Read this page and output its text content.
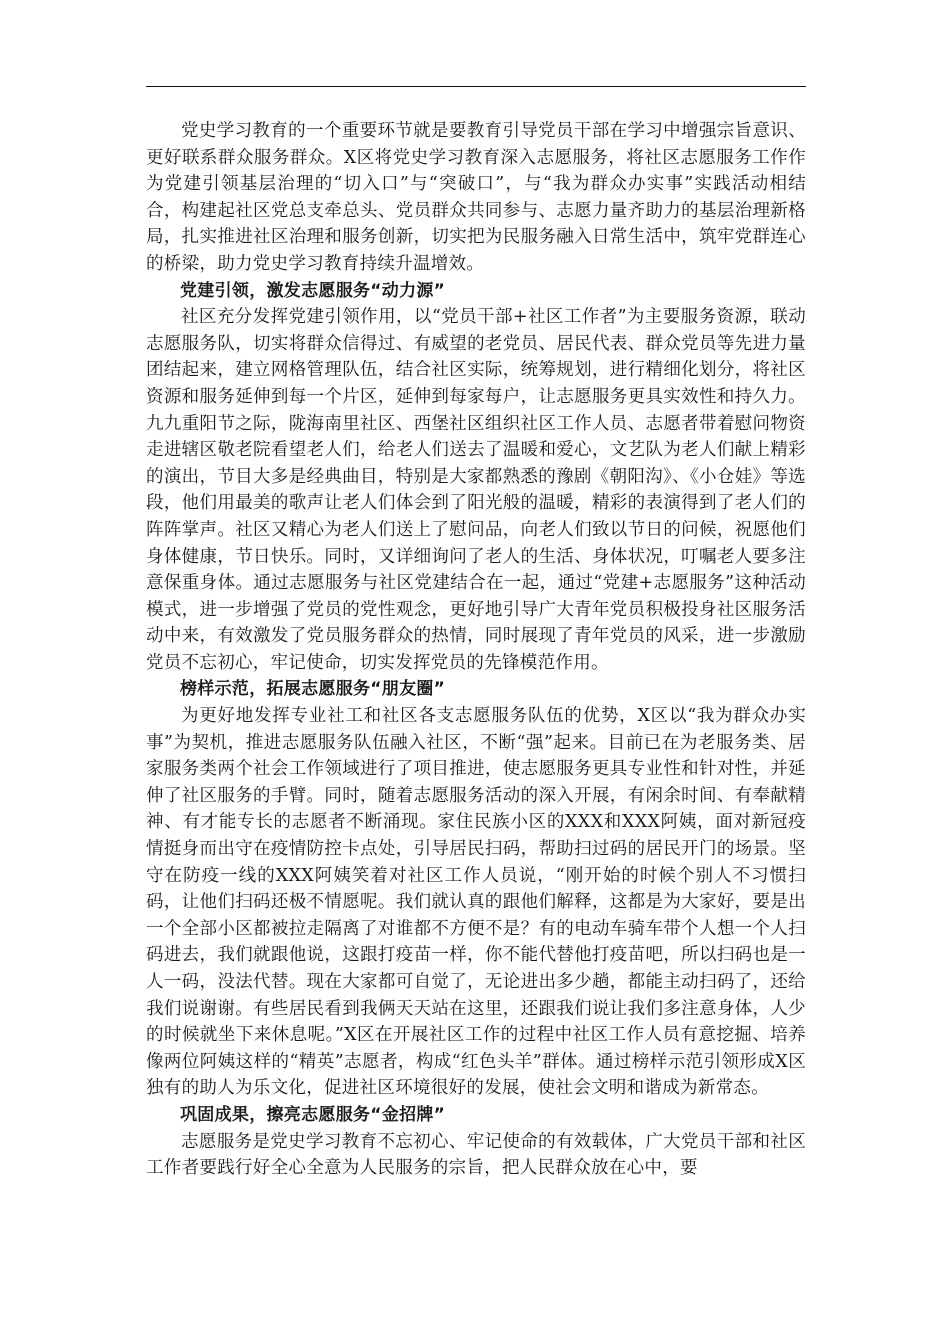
党史学习教育的一个重要环节就是要教育引导党员干部在学习中增强宗旨意识、更好联系群众服务群众。X区将党史学习教育深入志愿服务，将社区志愿服务工作作为党建引领基层治理的“切入口”与“突破口”，与“我为群众办实事”实践活动相结合，构建起社区党总支牵总头、党员群众共同参与、志愿力量齐助力的基层治理新格局，扎实推进社区治理和服务创新，切实把为民服务融入日常生活中，筑牢党群连心的桥梁，助力党史学习教育持续升温增效。

党建引领，激发志愿服务“动力源”

社区充分发挥党建引领作用，以“党员干部+社区工作者”为主要服务资源，联动志愿服务队，切实将群众信得过、有威望的老党员、居民代表、群众党员等先进力量团结起来，建立网格管理队伍，结合社区实际，统筹规划，进行精细化划分，将社区资源和服务延伸到每一个片区，延伸到每家每户，让志愿服务更具实效性和持久力。九九重阳节之际，陇海南里社区、西堡社区组织社区工作人员、志愿者带着慰问物资走进辖区敬老院看望老人们，给老人们送去了温暖和爱心，文艺队为老人们献上精彩的演出，节目大多是经典曲目，特别是大家都熟悉的豫剧《朝阳沟》、《小仓娃》等选段，他们用最美的歌声让老人们体会到了阳光般的温暖，精彩的表演得到了老人们的阵阵掌声。社区又精心为老人们送上了慰问品，向老人们致以节日的问候，祝愿他们身体健康，节日快乐。同时，又详细询问了老人的生活、身体状况，叮嘱老人要多注意保重身体。通过志愿服务与社区党建结合在一起，通过“党建+志愿服务”这种活动模式，进一步增强了党员的党性观念，更好地引导广大青年党员积极投身社区服务活动中来，有效激发了党员服务群众的热情，同时展现了青年党员的风采，进一步激励党员不忘初心，牢记使命，切实发挥党员的先锋模范作用。

榜样示范，拓展志愿服务“朋友圈”

为更好地发挥专业社工和社区各支志愿服务队伍的优势，X区以“我为群众办实事”为契机，推进志愿服务队伍融入社区，不断“强”起来。目前已在为老服务类、居家服务类两个社会工作领域进行了项目推进，使志愿服务更具专业性和针对性，并延伸了社区服务的手臂。同时，随着志愿服务活动的深入开展，有闲余时间、有奉献精神、有才能专长的志愿者不断涌现。家住民族小区的XXX和XXX阿姨，面对新冠疫情挺身而出守在疫情防控卡点处，引导居民扫码，帮助扫过码的居民开门的场景。坚守在防疫一线的XXX阿姨笑着对社区工作人员说，“刚开始的时候个别人不习惯扫码，让他们扫码还极不情愿呢。我们就认真的跟他们解释，这都是为大家好，要是出一个全部小区都被拉走隔离了对谁都不方便不是？有的电动车骑车带个人想一个人扫码进去，我们就跟他说，这跟打疫苗一样，你不能代替他打疫苗吧，所以扫码也是一人一码，没法代替。现在大家都可自觉了，无论进出多少趟，都能主动扫码了，还给我们说谢谢。有些居民看到我俩天天站在这里，还跟我们说让我们多注意身体，人少的时候就坐下来休息呢。”X区在开展社区工作的过程中社区工作人员有意挖掘、培养像两位阿姨这样的“精英”志愿者，构成“红色头羊”群体。通过榜样示范引领形成X区独有的助人为乐文化，促进社区环境很好的发展，使社会文明和谐成为新常态。

巩固成果，擦亮志愿服务“金招牌”

志愿服务是党史学习教育不忘初心、牢记使命的有效载体，广大党员干部和社区工作者要践行好全心全意为人民服务的宗旨，把人民群众放在心中，要
